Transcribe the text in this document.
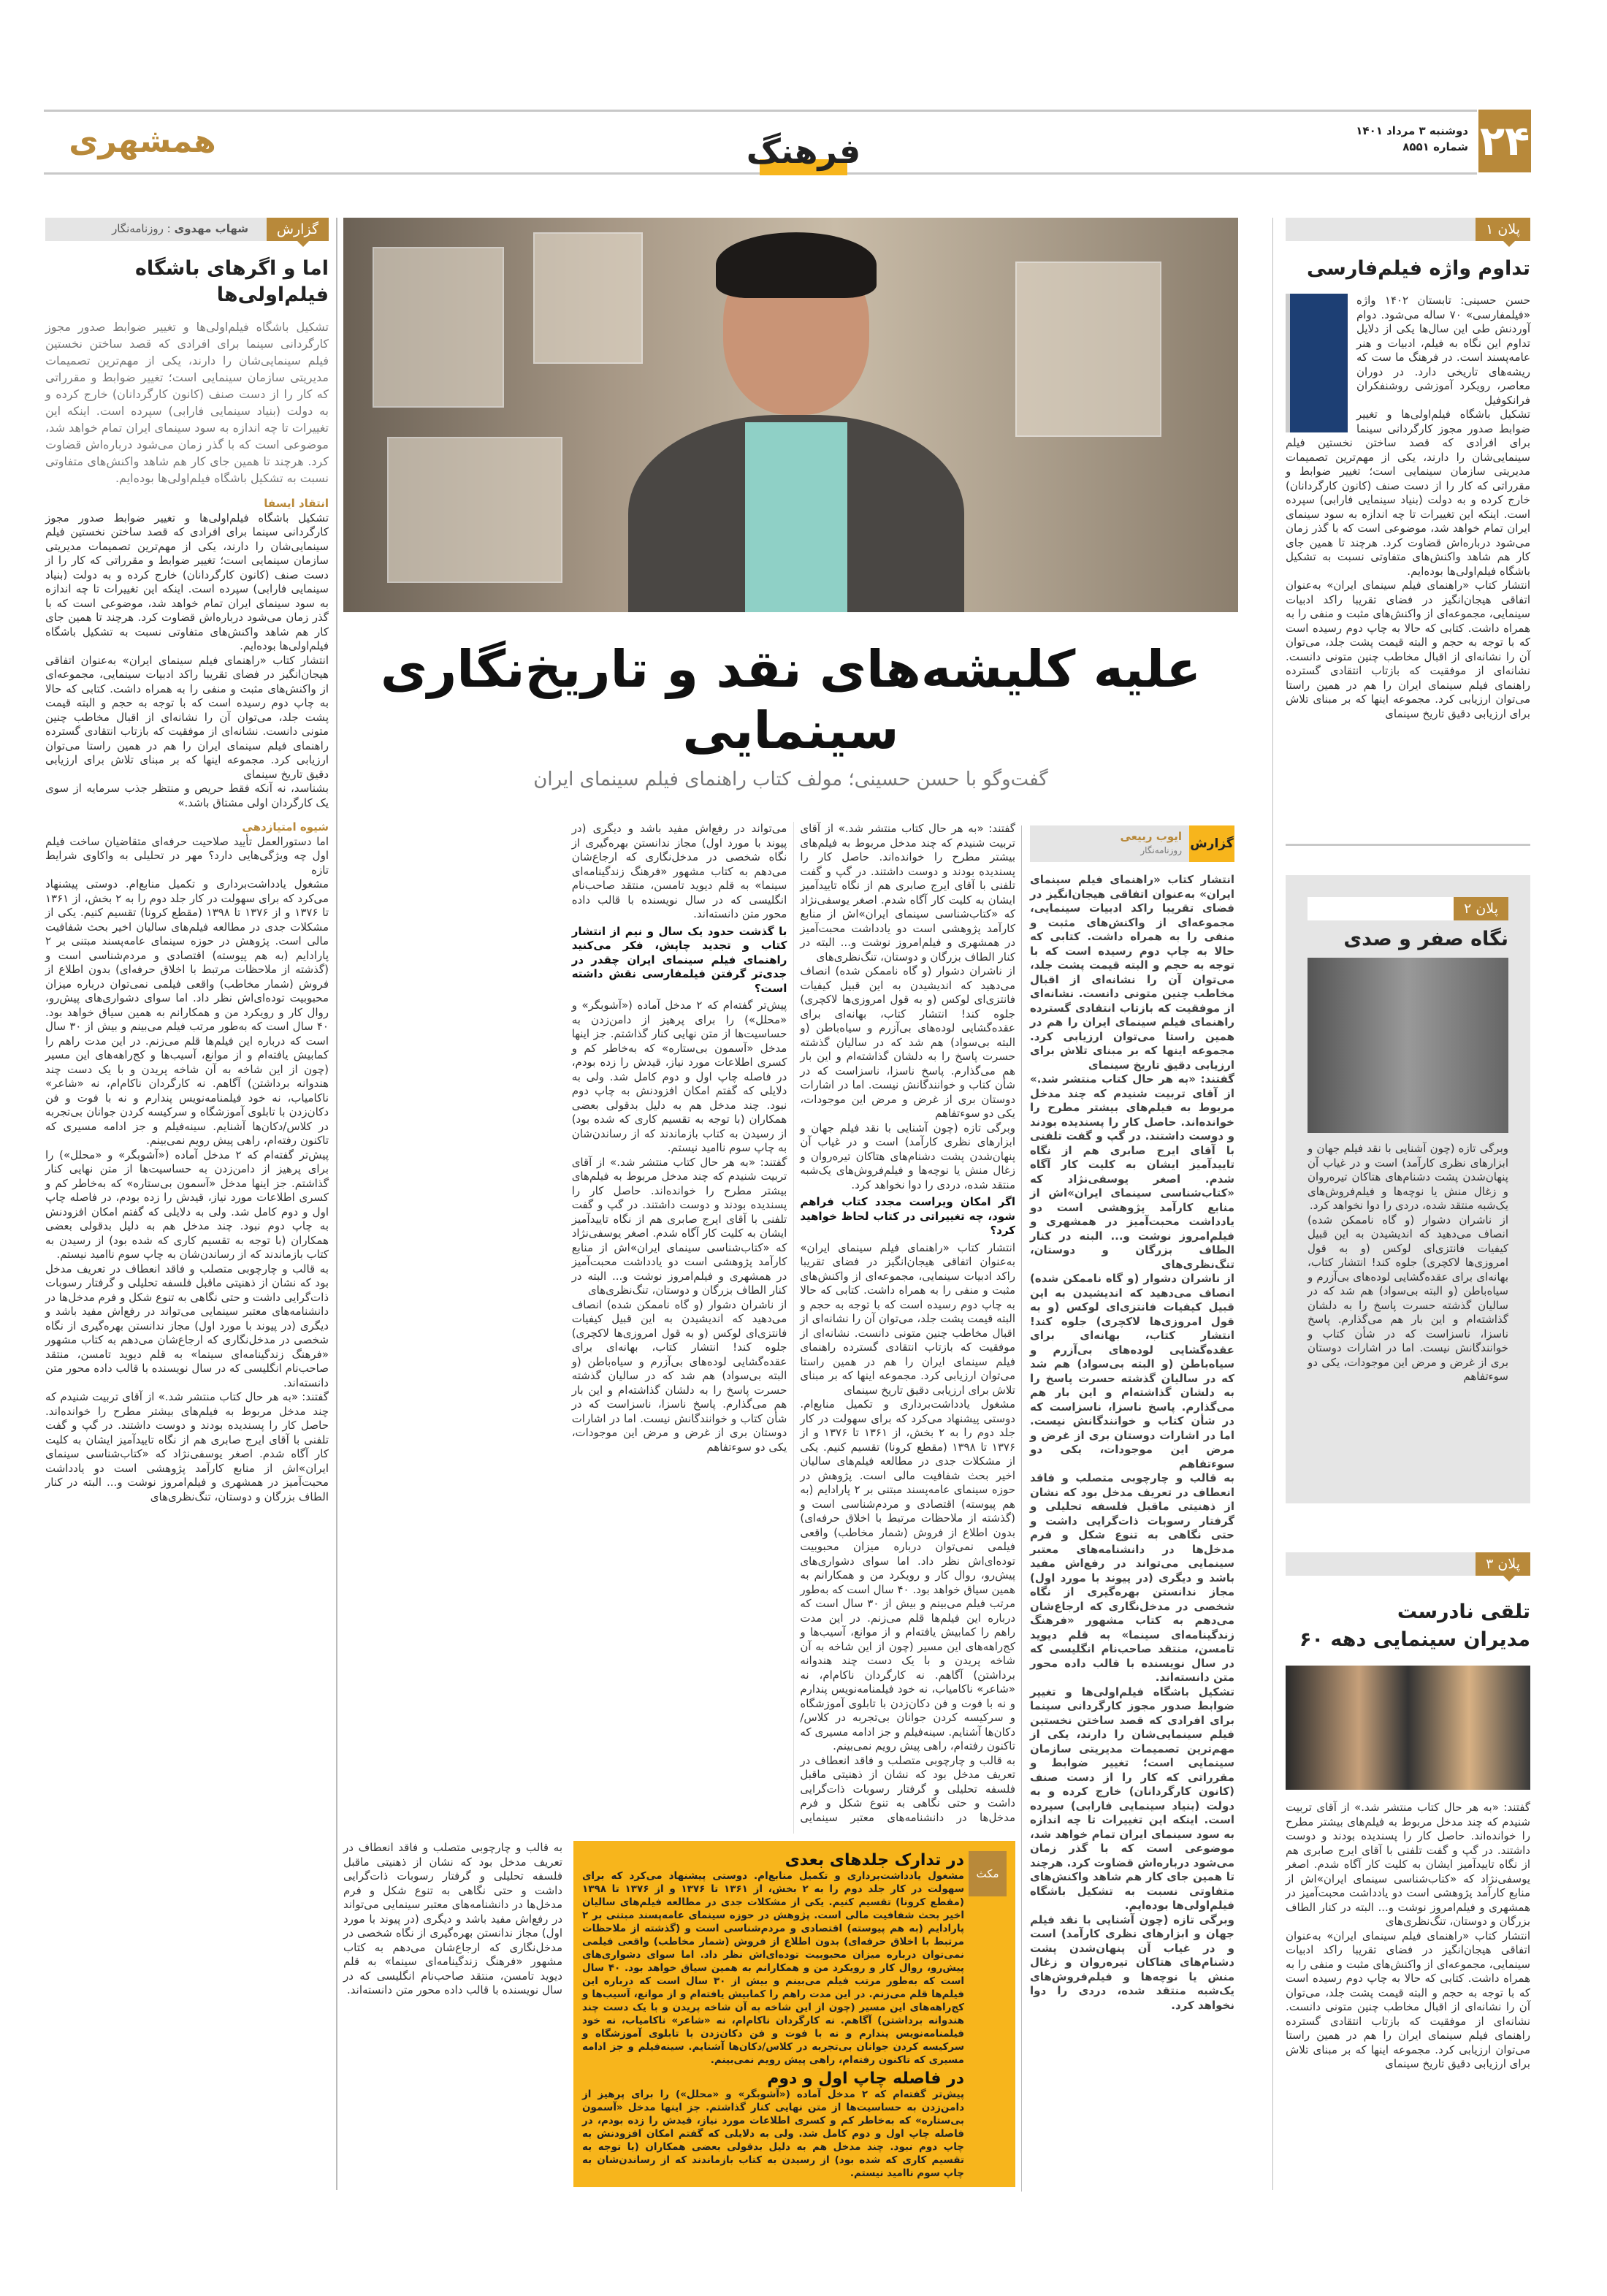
۲۴
دوشنبه ۳ مرداد ۱۴۰۱
شماره ۸۵۵۱
همشهری	فرهنگ
گزارش
شهاب مهدوی : روزنامه‌نگار
اما و اگرهای باشگاه فیلم‌اولی‌ها
تشکیل باشگاه فیلم‌اولی‌ها و تغییر ضوابط صدور مجوز کارگردانی سینما برای افرادی که قصد ساختن نخستین فیلم سینمایی‌شان را دارند، یکی از مهم‌ترین تصمیمات مدیریتی سازمان سینمایی است؛ تغییر ضوابط و مقرراتی که کار را از دست صنف (کانون کارگردانان) خارج کرده و به دولت (بنیاد سینمایی فارابی) سپرده است. اینکه این تغییرات تا چه اندازه به سود سینمای ایران تمام خواهد شد، موضوعی است که با گذر زمان می‌شود درباره‌اش قضاوت کرد. هرچند تا همین جای کار هم شاهد واکنش‌های متفاوتی نسبت به تشکیل باشگاه فیلم‌اولی‌ها بوده‌ایم.
انتقاد ایسفا

تشکیل باشگاه فیلم‌اولی‌ها و تغییر ضوابط صدور مجوز کارگردانی سینما برای افرادی که قصد ساختن نخستین فیلم سینمایی‌شان را دارند، یکی از مهم‌ترین تصمیمات مدیریتی سازمان سینمایی است؛ تغییر ضوابط و مقرراتی که کار را از دست صنف (کانون کارگردانان) خارج کرده و به دولت (بنیاد سینمایی فارابی) سپرده است. اینکه این تغییرات تا چه اندازه به سود سینمای ایران تمام خواهد شد، موضوعی است که با گذر زمان می‌شود درباره‌اش قضاوت کرد. هرچند تا همین جای کار هم شاهد واکنش‌های متفاوتی نسبت به تشکیل باشگاه فیلم‌اولی‌ها بوده‌ایم.

انتشار کتاب «راهنمای فیلم سینمای ایران» به‌عنوان اتفاقی هیجان‌انگیز در فضای تقریبا راکد ادبیات سینمایی، مجموعه‌ای از واکنش‌های مثبت و منفی را به همراه داشت. کتابی که حالا به چاپ دوم رسیده است که با توجه به حجم و البته قیمت پشت جلد، می‌توان آن را نشانه‌ای از اقبال مخاطب چنین متونی دانست. نشانه‌ای از موفقیت که بازتاب انتقادی گسترده راهنمای فیلم سینمای ایران را هم در همین راستا می‌توان ارزیابی کرد. مجموعه اینها که بر مبنای تلاش برای ارزیابی دقیق تاریخ سینمای

بشناسد، نه آنکه فقط حریص و منتظر جذب سرمایه از سوی یک کارگردان اولی مشتاق باشد.»

شیوه امتیازدهی

اما دستورالعمل تأیید صلاحیت حرفه‌ای متقاضیان ساخت فیلم اول چه ویژگی‌هایی دارد؟ مهر در تحلیلی به واکاوی شرایط تازه

مشغول یادداشت‌برداری و تکمیل منابع‌ام. دوستی پیشنهاد می‌کرد که برای سهولت در کار جلد دوم را به ۲ بخش، از ۱۳۶۱ تا ۱۳۷۶ و از ۱۳۷۶ تا ۱۳۹۸ (مقطع کرونا) تقسیم کنیم. یکی از مشکلات جدی در مطالعه فیلم‌های سالیان اخیر بحث شفافیت مالی است. پژوهش در حوزه سینمای عامه‌پسند مبتنی بر ۲ پارادایم (به هم پیوسته) اقتصادی و مردم‌شناسی است و (گذشته از ملاحظات مرتبط با اخلاق حرفه‌ای) بدون اطلاع از فروش (شمار مخاطب) واقعی فیلمی نمی‌توان درباره میزان محبوبیت توده‌ای‌اش نظر داد. اما سوای دشواری‌های پیش‌رو، روال کار و رویکرد من و همکارانم به همین سیاق خواهد بود. ۴۰ سال است که به‌طور مرتب فیلم می‌بینم و بیش از ۳۰ سال است که درباره این فیلم‌ها قلم می‌زنم. در این مدت راهم را کمابیش یافته‌ام و از موانع، آسیب‌ها و کج‌راهه‌های این مسیر (چون از این شاخه به آن شاخه پریدن و با یک دست چند هندوانه برداشتن) آگاهم. نه کارگردان ناکام‌ام، نه «شاعر» ناکامیاب، نه خود فیلمنامه‌نویس پندارم و نه با فوت و فن دکان‌زدن با تابلوی آموزشگاه و سرکیسه کردن جوانان بی‌تجربه در کلاس/دکان‌ها آشنایم. سینه‌فیلم و جز ادامه مسیری که تاکنون رفته‌ام، راهی پیش رویم نمی‌بینم.

پیش‌تر گفته‌ام که ۲ مدخل آماده («آشوبگر» و «محلل») را برای پرهیز از دامن‌زدن به حساسیت‌ها از متن نهایی کنار گذاشتم. جز اینها مدخل «آسمون بی‌ستاره» که به‌خاطر کم و کسری اطلاعات مورد نیاز، قیدش را زده بودم، در فاصله چاپ اول و دوم کامل شد. ولی به دلایلی که گفتم امکان افزودنش به چاپ دوم نبود. چند مدخل هم به دلیل بدقولی بعضی همکاران (با توجه به تقسیم کاری که شده بود) از رسیدن به کتاب بازماندند که از رساندن‌شان به چاپ سوم ناامید نیستم.

به قالب و چارچوبی متصلب و فاقد انعطاف در تعریف مدخل بود که نشان از ذهنیتی ماقبل فلسفه تحلیلی و گرفتار رسوبات ذات‌گرایی داشت و حتی نگاهی به تنوع شکل و فرم مدخل‌ها در دانشنامه‌های معتبر سینمایی می‌تواند در رفع‌اش مفید باشد و دیگری (در پیوند با مورد اول) مجاز ندانستن بهره‌گیری از نگاه شخصی در مدخل‌نگاری که ارجاع‌شان می‌دهم به کتاب مشهور «فرهنگ زندگینامه‌ای سینما» به قلم دیوید تامسن، منتقد صاحب‌نام انگلیسی که در سال نویسنده با قالب داده محور متن دانسته‌اند.

گفتند: «به هر حال کتاب منتشر شد.» از آقای تربیت شنیدم که چند مدخل مربوط به فیلم‌های بیشتر مطرح را خوانده‌اند. حاصل کار را پسندیده بودند و دوست داشتند. در گپ و گفت تلفنی با آقای ایرج صابری هم از نگاه تاییدآمیز ایشان به کلیت کار آگاه شدم. اصغر یوسفی‌نژاد که «کتاب‌شناسی سینمای ایران»اش از منابع کارآمد پژوهشی است دو یادداشت محبت‌آمیز در همشهری و فیلم‌امروز نوشت و... البته در کنار الطاف بزرگان و دوستان، تنگ‌نظری‌های

علیه کلیشه‌های نقد و تاریخ‌نگاری سینمایی
گفت‌وگو با حسن حسینی؛ مولف کتاب راهنمای فیلم سینمای ایران
گزارش
ایوب ربیعی
روزنامه‌نگار

انتشار کتاب «راهنمای فیلم سینمای ایران» به‌عنوان اتفاقی هیجان‌انگیز در فضای تقریبا راکد ادبیات سینمایی، مجموعه‌ای از واکنش‌های مثبت و منفی را به همراه داشت. کتابی که حالا به چاپ دوم رسیده است که با توجه به حجم و البته قیمت پشت جلد، می‌توان آن را نشانه‌ای از اقبال مخاطب چنین متونی دانست. نشانه‌ای از موفقیت که بازتاب انتقادی گسترده راهنمای فیلم سینمای ایران را هم در همین راستا می‌توان ارزیابی کرد. مجموعه اینها که بر مبنای تلاش برای ارزیابی دقیق تاریخ سینمای

گفتند: «به هر حال کتاب منتشر شد.» از آقای تربیت شنیدم که چند مدخل مربوط به فیلم‌های بیشتر مطرح را خوانده‌اند. حاصل کار را پسندیده بودند و دوست داشتند. در گپ و گفت تلفنی با آقای ایرج صابری هم از نگاه تاییدآمیز ایشان به کلیت کار آگاه شدم. اصغر یوسفی‌نژاد که «کتاب‌شناسی سینمای ایران»اش از منابع کارآمد پژوهشی است دو یادداشت محبت‌آمیز در همشهری و فیلم‌امروز نوشت و... البته در کنار الطاف بزرگان و دوستان، تنگ‌نظری‌های

از ناشران دشوار (و گاه ناممکن شده) انصاف می‌دهید که اندیشیدن به این قبیل کیفیات فانتزی‌ای لوکس (و به قول امروزی‌ها لاکچری) جلوه کند! انتشار کتاب، بهانه‌ای برای عقده‌گشایی لوده‌های بی‌آزرم و سیاه‌باطن (و البته بی‌سواد) هم شد که در سالیان گذشته حسرت پاسخ را به دلشان گذاشته‌ام و این بار هم می‌گذارم. پاسخ ناسزا، ناسزاست که در شأن کتاب و خوانندگانش نیست. اما در اشارات دوستان بری از غرض و مرض این موجودات، یکی دو سوءتفاهم

به قالب و چارچوبی متصلب و فاقد انعطاف در تعریف مدخل بود که نشان از ذهنیتی ماقبل فلسفه تحلیلی و گرفتار رسوبات ذات‌گرایی داشت و حتی نگاهی به تنوع شکل و فرم مدخل‌ها در دانشنامه‌های معتبر سینمایی می‌تواند در رفع‌اش مفید باشد و دیگری (در پیوند با مورد اول) مجاز ندانستن بهره‌گیری از نگاه شخصی در مدخل‌نگاری که ارجاع‌شان می‌دهم به کتاب مشهور «فرهنگ زندگینامه‌ای سینما» به قلم دیوید تامسن، منتقد صاحب‌نام انگلیسی که در سال نویسنده با قالب داده محور متن دانسته‌اند.

تشکیل باشگاه فیلم‌اولی‌ها و تغییر ضوابط صدور مجوز کارگردانی سینما برای افرادی که قصد ساختن نخستین فیلم سینمایی‌شان را دارند، یکی از مهم‌ترین تصمیمات مدیریتی سازمان سینمایی است؛ تغییر ضوابط و مقرراتی که کار را از دست صنف (کانون کارگردانان) خارج کرده و به دولت (بنیاد سینمایی فارابی) سپرده است. اینکه این تغییرات تا چه اندازه به سود سینمای ایران تمام خواهد شد، موضوعی است که با گذر زمان می‌شود درباره‌اش قضاوت کرد. هرچند تا همین جای کار هم شاهد واکنش‌های متفاوتی نسبت به تشکیل باشگاه فیلم‌اولی‌ها بوده‌ایم.

وبرگی تازه (چون آشنایی با نقد فیلم جهان و ابزارهای نظری کارآمد) است و در غیاب آن پنهان‌شدن پشت دشنام‌های هتاکان تیره‌روان و زغال منش یا نوچه‌ها و فیلم‌فروش‌های یک‌شبه منتقد شده، دردی را دوا نخواهد کرد.

گفتند: «به هر حال کتاب منتشر شد.» از آقای تربیت شنیدم که چند مدخل مربوط به فیلم‌های بیشتر مطرح را خوانده‌اند. حاصل کار را پسندیده بودند و دوست داشتند. در گپ و گفت تلفنی با آقای ایرج صابری هم از نگاه تاییدآمیز ایشان به کلیت کار آگاه شدم. اصغر یوسفی‌نژاد که «کتاب‌شناسی سینمای ایران»اش از منابع کارآمد پژوهشی است دو یادداشت محبت‌آمیز در همشهری و فیلم‌امروز نوشت و... البته در کنار الطاف بزرگان و دوستان، تنگ‌نظری‌های

از ناشران دشوار (و گاه ناممکن شده) انصاف می‌دهید که اندیشیدن به این قبیل کیفیات فانتزی‌ای لوکس (و به قول امروزی‌ها لاکچری) جلوه کند! انتشار کتاب، بهانه‌ای برای عقده‌گشایی لوده‌های بی‌آزرم و سیاه‌باطن (و البته بی‌سواد) هم شد که در سالیان گذشته حسرت پاسخ را به دلشان گذاشته‌ام و این بار هم می‌گذارم. پاسخ ناسزا، ناسزاست که در شأن کتاب و خوانندگانش نیست. اما در اشارات دوستان بری از غرض و مرض این موجودات، یکی دو سوءتفاهم

وبرگی تازه (چون آشنایی با نقد فیلم جهان و ابزارهای نظری کارآمد) است و در غیاب آن پنهان‌شدن پشت دشنام‌های هتاکان تیره‌روان و زغال منش یا نوچه‌ها و فیلم‌فروش‌های یک‌شبه منتقد شده، دردی را دوا نخواهد کرد.

اگر امکان ویراست مجدد کتاب فراهم شود، چه تغییراتی در کتاب لحاظ خواهید کرد؟

انتشار کتاب «راهنمای فیلم سینمای ایران» به‌عنوان اتفاقی هیجان‌انگیز در فضای تقریبا راکد ادبیات سینمایی، مجموعه‌ای از واکنش‌های مثبت و منفی را به همراه داشت. کتابی که حالا به چاپ دوم رسیده است که با توجه به حجم و البته قیمت پشت جلد، می‌توان آن را نشانه‌ای از اقبال مخاطب چنین متونی دانست. نشانه‌ای از موفقیت که بازتاب انتقادی گسترده راهنمای فیلم سینمای ایران را هم در همین راستا می‌توان ارزیابی کرد. مجموعه اینها که بر مبنای تلاش برای ارزیابی دقیق تاریخ سینمای

مشغول یادداشت‌برداری و تکمیل منابع‌ام. دوستی پیشنهاد می‌کرد که برای سهولت در کار جلد دوم را به ۲ بخش، از ۱۳۶۱ تا ۱۳۷۶ و از ۱۳۷۶ تا ۱۳۹۸ (مقطع کرونا) تقسیم کنیم. یکی از مشکلات جدی در مطالعه فیلم‌های سالیان اخیر بحث شفافیت مالی است. پژوهش در حوزه سینمای عامه‌پسند مبتنی بر ۲ پارادایم (به هم پیوسته) اقتصادی و مردم‌شناسی است و (گذشته از ملاحظات مرتبط با اخلاق حرفه‌ای) بدون اطلاع از فروش (شمار مخاطب) واقعی فیلمی نمی‌توان درباره میزان محبوبیت توده‌ای‌اش نظر داد. اما سوای دشواری‌های پیش‌رو، روال کار و رویکرد من و همکارانم به همین سیاق خواهد بود. ۴۰ سال است که به‌طور مرتب فیلم می‌بینم و بیش از ۳۰ سال است که درباره این فیلم‌ها قلم می‌زنم. در این مدت راهم را کمابیش یافته‌ام و از موانع، آسیب‌ها و کج‌راهه‌های این مسیر (چون از این شاخه به آن شاخه پریدن و با یک دست چند هندوانه برداشتن) آگاهم. نه کارگردان ناکام‌ام، نه «شاعر» ناکامیاب، نه خود فیلمنامه‌نویس پندارم و نه با فوت و فن دکان‌زدن با تابلوی آموزشگاه و سرکیسه کردن جوانان بی‌تجربه در کلاس/دکان‌ها آشنایم. سینه‌فیلم و جز ادامه مسیری که تاکنون رفته‌ام، راهی پیش رویم نمی‌بینم.

به قالب و چارچوبی متصلب و فاقد انعطاف در تعریف مدخل بود که نشان از ذهنیتی ماقبل فلسفه تحلیلی و گرفتار رسوبات ذات‌گرایی داشت و حتی نگاهی به تنوع شکل و فرم مدخل‌ها در دانشنامه‌های معتبر سینمایی می‌تواند در رفع‌اش مفید باشد و دیگری (در پیوند با مورد اول) مجاز ندانستن بهره‌گیری از نگاه شخصی در مدخل‌نگاری که ارجاع‌شان می‌دهم به کتاب مشهور «فرهنگ زندگینامه‌ای سینما» به قلم دیوید تامسن، منتقد صاحب‌نام انگلیسی که در سال نویسنده با قالب داده محور متن دانسته‌اند.

با گذشت حدود یک سال و نیم از انتشار کتاب و تجدید چاپش، فکر می‌کنید راهنمای فیلم سینمای ایران چقدر در جدی‌تر گرفتن فیلمفارسی نقش داشته است؟

پیش‌تر گفته‌ام که ۲ مدخل آماده («آشوبگر» و «محلل») را برای پرهیز از دامن‌زدن به حساسیت‌ها از متن نهایی کنار گذاشتم. جز اینها مدخل «آسمون بی‌ستاره» که به‌خاطر کم و کسری اطلاعات مورد نیاز، قیدش را زده بودم، در فاصله چاپ اول و دوم کامل شد. ولی به دلایلی که گفتم امکان افزودنش به چاپ دوم نبود. چند مدخل هم به دلیل بدقولی بعضی همکاران (با توجه به تقسیم کاری که شده بود) از رسیدن به کتاب بازماندند که از رساندن‌شان به چاپ سوم ناامید نیستم.

گفتند: «به هر حال کتاب منتشر شد.» از آقای تربیت شنیدم که چند مدخل مربوط به فیلم‌های بیشتر مطرح را خوانده‌اند. حاصل کار را پسندیده بودند و دوست داشتند. در گپ و گفت تلفنی با آقای ایرج صابری هم از نگاه تاییدآمیز ایشان به کلیت کار آگاه شدم. اصغر یوسفی‌نژاد که «کتاب‌شناسی سینمای ایران»اش از منابع کارآمد پژوهشی است دو یادداشت محبت‌آمیز در همشهری و فیلم‌امروز نوشت و... البته در کنار الطاف بزرگان و دوستان، تنگ‌نظری‌های

از ناشران دشوار (و گاه ناممکن شده) انصاف می‌دهید که اندیشیدن به این قبیل کیفیات فانتزی‌ای لوکس (و به قول امروزی‌ها لاکچری) جلوه کند! انتشار کتاب، بهانه‌ای برای عقده‌گشایی لوده‌های بی‌آزرم و سیاه‌باطن (و البته بی‌سواد) هم شد که در سالیان گذشته حسرت پاسخ را به دلشان گذاشته‌ام و این بار هم می‌گذارم. پاسخ ناسزا، ناسزاست که در شأن کتاب و خوانندگانش نیست. اما در اشارات دوستان بری از غرض و مرض این موجودات، یکی دو سوءتفاهم

به قالب و چارچوبی متصلب و فاقد انعطاف در تعریف مدخل بود که نشان از ذهنیتی ماقبل فلسفه تحلیلی و گرفتار رسوبات ذات‌گرایی داشت و حتی نگاهی به تنوع شکل و فرم مدخل‌ها در دانشنامه‌های معتبر سینمایی می‌تواند در رفع‌اش مفید باشد و دیگری (در پیوند با مورد اول) مجاز ندانستن بهره‌گیری از نگاه شخصی در مدخل‌نگاری که ارجاع‌شان می‌دهم به کتاب مشهور «فرهنگ زندگینامه‌ای سینما» به قلم دیوید تامسن، منتقد صاحب‌نام انگلیسی که در سال نویسنده با قالب داده محور متن دانسته‌اند.

مکث
در تدارک جلدهای بعدی
مشغول یادداشت‌برداری و تکمیل منابع‌ام. دوستی پیشنهاد می‌کرد که برای سهولت در کار جلد دوم را به ۲ بخش، از ۱۳۶۱ تا ۱۳۷۶ و از ۱۳۷۶ تا ۱۳۹۸ (مقطع کرونا) تقسیم کنیم. یکی از مشکلات جدی در مطالعه فیلم‌های سالیان اخیر بحث شفافیت مالی است. پژوهش در حوزه سینمای عامه‌پسند مبتنی بر ۲ پارادایم (به هم پیوسته) اقتصادی و مردم‌شناسی است و (گذشته از ملاحظات مرتبط با اخلاق حرفه‌ای) بدون اطلاع از فروش (شمار مخاطب) واقعی فیلمی نمی‌توان درباره میزان محبوبیت توده‌ای‌اش نظر داد. اما سوای دشواری‌های پیش‌رو، روال کار و رویکرد من و همکارانم به همین سیاق خواهد بود. ۴۰ سال است که به‌طور مرتب فیلم می‌بینم و بیش از ۳۰ سال است که درباره این فیلم‌ها قلم می‌زنم. در این مدت راهم را کمابیش یافته‌ام و از موانع، آسیب‌ها و کج‌راهه‌های این مسیر (چون از این شاخه به آن شاخه پریدن و با یک دست چند هندوانه برداشتن) آگاهم. نه کارگردان ناکام‌ام، نه «شاعر» ناکامیاب، نه خود فیلمنامه‌نویس پندارم و نه با فوت و فن دکان‌زدن با تابلوی آموزشگاه و سرکیسه کردن جوانان بی‌تجربه در کلاس/دکان‌ها آشنایم. سینه‌فیلم و جز ادامه مسیری که تاکنون رفته‌ام، راهی پیش رویم نمی‌بینم.
در فاصله چاپ اول و دوم
پیش‌تر گفته‌ام که ۲ مدخل آماده («آشوبگر» و «محلل») را برای پرهیز از دامن‌زدن به حساسیت‌ها از متن نهایی کنار گذاشتم. جز اینها مدخل «آسمون بی‌ستاره» که به‌خاطر کم و کسری اطلاعات مورد نیاز، قیدش را زده بودم، در فاصله چاپ اول و دوم کامل شد. ولی به دلایلی که گفتم امکان افزودنش به چاپ دوم نبود. چند مدخل هم به دلیل بدقولی بعضی همکاران (با توجه به تقسیم کاری که شده بود) از رسیدن به کتاب بازماندند که از رساندن‌شان به چاپ سوم ناامید نیستم.
پلان ۱
تداوم واژه فیلم‌فارسی

حسن حسینی: تابستان ۱۴۰۲ واژه «فیلمفارسی» ۷۰ ساله می‌شود. دوام آوردنش طی این سال‌ها یکی از دلایل تداوم این نگاه به فیلم، ادبیات و هنر عامه‌پسند است. در فرهنگ ما ست که ریشه‌های تاریخی دارد. در دوران معاصر، رویکرد آموزشی روشنفکران فرانکوفیل

تشکیل باشگاه فیلم‌اولی‌ها و تغییر ضوابط صدور مجوز کارگردانی سینما برای افرادی که قصد ساختن نخستین فیلم سینمایی‌شان را دارند، یکی از مهم‌ترین تصمیمات مدیریتی سازمان سینمایی است؛ تغییر ضوابط و مقرراتی که کار را از دست صنف (کانون کارگردانان) خارج کرده و به دولت (بنیاد سینمایی فارابی) سپرده است. اینکه این تغییرات تا چه اندازه به سود سینمای ایران تمام خواهد شد، موضوعی است که با گذر زمان می‌شود درباره‌اش قضاوت کرد. هرچند تا همین جای کار هم شاهد واکنش‌های متفاوتی نسبت به تشکیل باشگاه فیلم‌اولی‌ها بوده‌ایم.

انتشار کتاب «راهنمای فیلم سینمای ایران» به‌عنوان اتفاقی هیجان‌انگیز در فضای تقریبا راکد ادبیات سینمایی، مجموعه‌ای از واکنش‌های مثبت و منفی را به همراه داشت. کتابی که حالا به چاپ دوم رسیده است که با توجه به حجم و البته قیمت پشت جلد، می‌توان آن را نشانه‌ای از اقبال مخاطب چنین متونی دانست. نشانه‌ای از موفقیت که بازتاب انتقادی گسترده راهنمای فیلم سینمای ایران را هم در همین راستا می‌توان ارزیابی کرد. مجموعه اینها که بر مبنای تلاش برای ارزیابی دقیق تاریخ سینمای

پلان ۲
نگاه صفر و صدی

وبرگی تازه (چون آشنایی با نقد فیلم جهان و ابزارهای نظری کارآمد) است و در غیاب آن پنهان‌شدن پشت دشنام‌های هتاکان تیره‌روان و زغال منش یا نوچه‌ها و فیلم‌فروش‌های یک‌شبه منتقد شده، دردی را دوا نخواهد کرد.

از ناشران دشوار (و گاه ناممکن شده) انصاف می‌دهید که اندیشیدن به این قبیل کیفیات فانتزی‌ای لوکس (و به قول امروزی‌ها لاکچری) جلوه کند! انتشار کتاب، بهانه‌ای برای عقده‌گشایی لوده‌های بی‌آزرم و سیاه‌باطن (و البته بی‌سواد) هم شد که در سالیان گذشته حسرت پاسخ را به دلشان گذاشته‌ام و این بار هم می‌گذارم. پاسخ ناسزا، ناسزاست که در شأن کتاب و خوانندگانش نیست. اما در اشارات دوستان بری از غرض و مرض این موجودات، یکی دو سوءتفاهم

پلان ۳
تلقی نادرست
مدیران سینمایی دهه ۶۰

گفتند: «به هر حال کتاب منتشر شد.» از آقای تربیت شنیدم که چند مدخل مربوط به فیلم‌های بیشتر مطرح را خوانده‌اند. حاصل کار را پسندیده بودند و دوست داشتند. در گپ و گفت تلفنی با آقای ایرج صابری هم از نگاه تاییدآمیز ایشان به کلیت کار آگاه شدم. اصغر یوسفی‌نژاد که «کتاب‌شناسی سینمای ایران»اش از منابع کارآمد پژوهشی است دو یادداشت محبت‌آمیز در همشهری و فیلم‌امروز نوشت و... البته در کنار الطاف بزرگان و دوستان، تنگ‌نظری‌های

انتشار کتاب «راهنمای فیلم سینمای ایران» به‌عنوان اتفاقی هیجان‌انگیز در فضای تقریبا راکد ادبیات سینمایی، مجموعه‌ای از واکنش‌های مثبت و منفی را به همراه داشت. کتابی که حالا به چاپ دوم رسیده است که با توجه به حجم و البته قیمت پشت جلد، می‌توان آن را نشانه‌ای از اقبال مخاطب چنین متونی دانست. نشانه‌ای از موفقیت که بازتاب انتقادی گسترده راهنمای فیلم سینمای ایران را هم در همین راستا می‌توان ارزیابی کرد. مجموعه اینها که بر مبنای تلاش برای ارزیابی دقیق تاریخ سینمای
